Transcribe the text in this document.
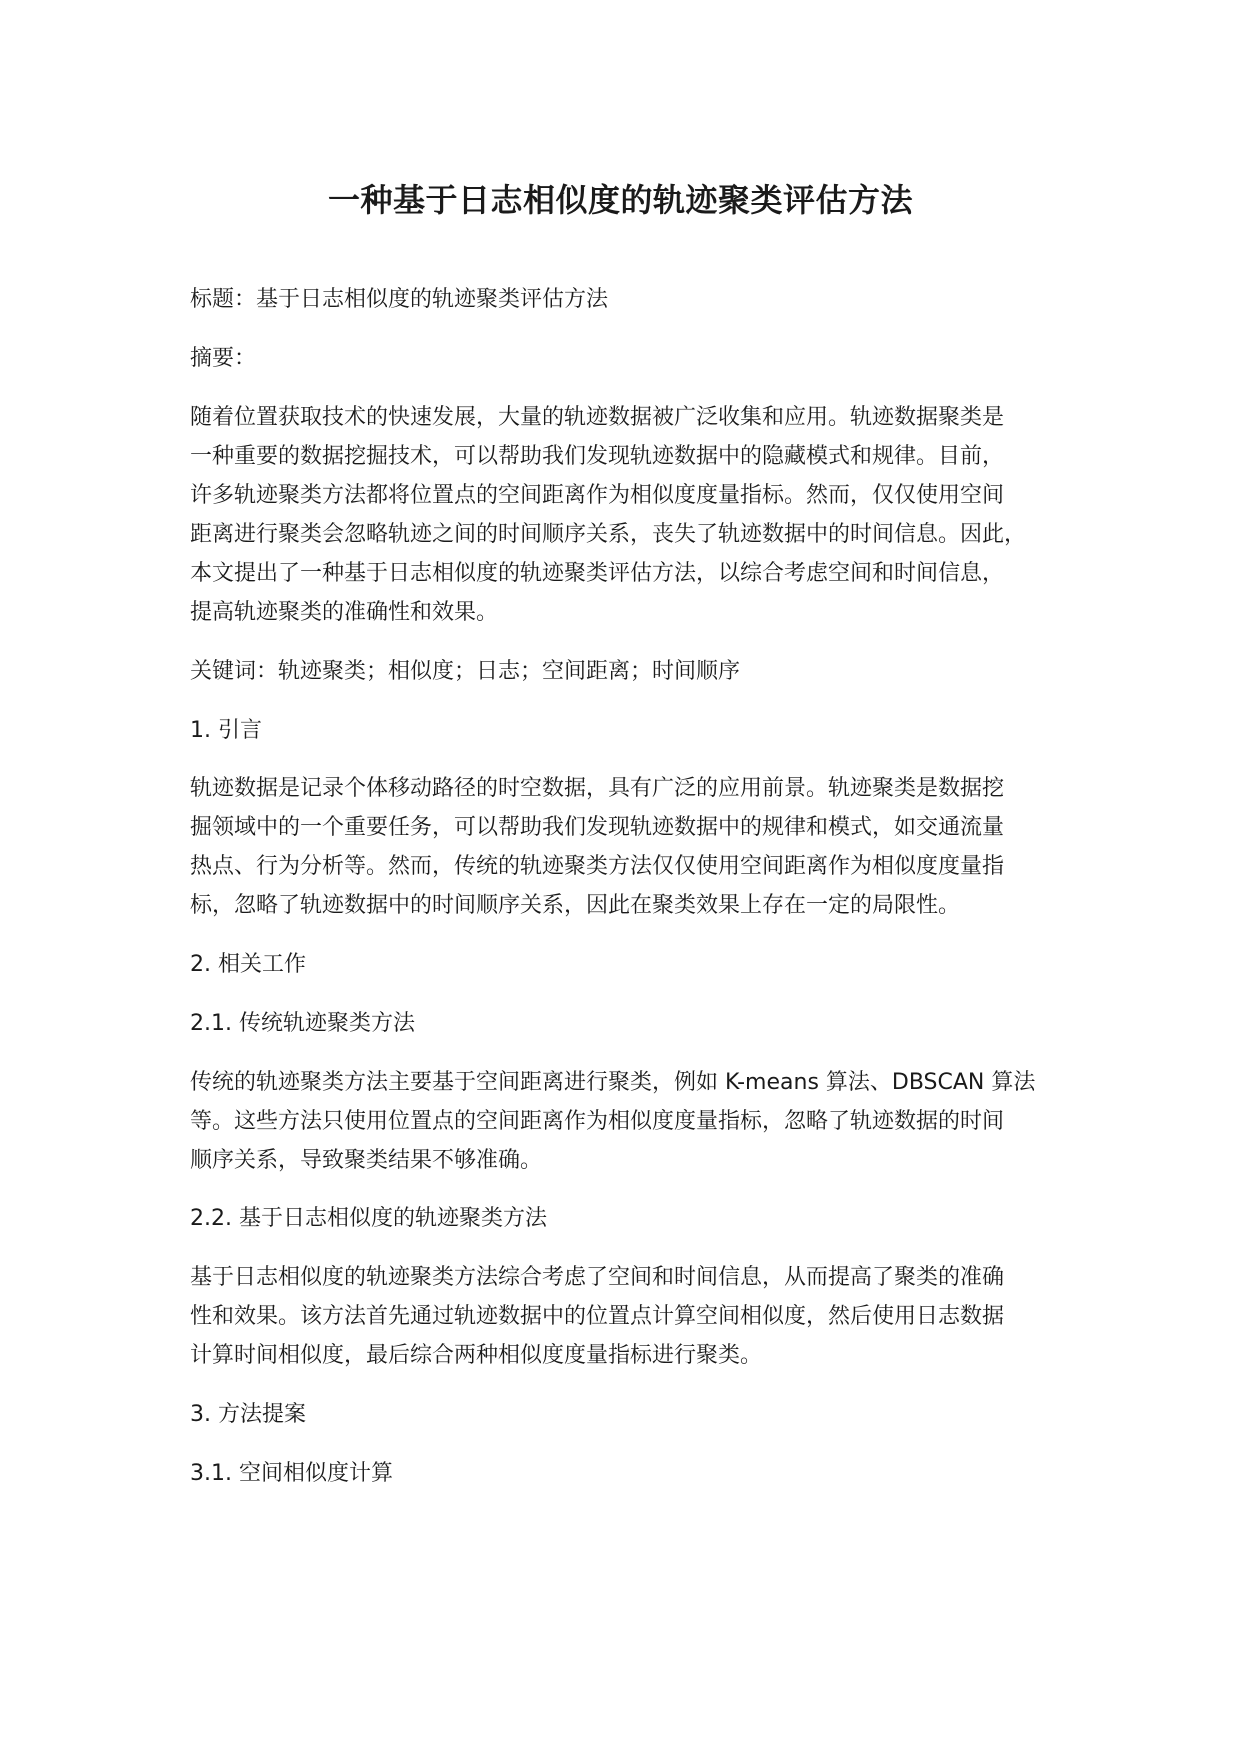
一种基于日志相似度的轨迹聚类评估方法

标题：基于日志相似度的轨迹聚类评估方法

摘要：

随着位置获取技术的快速发展，大量的轨迹数据被广泛收集和应用。轨迹数据聚类是
一种重要的数据挖掘技术，可以帮助我们发现轨迹数据中的隐藏模式和规律。目前，
许多轨迹聚类方法都将位置点的空间距离作为相似度度量指标。然而，仅仅使用空间
距离进行聚类会忽略轨迹之间的时间顺序关系，丧失了轨迹数据中的时间信息。因此，
本文提出了一种基于日志相似度的轨迹聚类评估方法，以综合考虑空间和时间信息，
提高轨迹聚类的准确性和效果。

关键词：轨迹聚类；相似度；日志；空间距离；时间顺序

1. 引言

轨迹数据是记录个体移动路径的时空数据，具有广泛的应用前景。轨迹聚类是数据挖
掘领域中的一个重要任务，可以帮助我们发现轨迹数据中的规律和模式，如交通流量
热点、行为分析等。然而，传统的轨迹聚类方法仅仅使用空间距离作为相似度度量指
标，忽略了轨迹数据中的时间顺序关系，因此在聚类效果上存在一定的局限性。

2. 相关工作

2.1. 传统轨迹聚类方法

传统的轨迹聚类方法主要基于空间距离进行聚类，例如 K-means 算法、DBSCAN 算法
等。这些方法只使用位置点的空间距离作为相似度度量指标，忽略了轨迹数据的时间
顺序关系，导致聚类结果不够准确。

2.2. 基于日志相似度的轨迹聚类方法

基于日志相似度的轨迹聚类方法综合考虑了空间和时间信息，从而提高了聚类的准确
性和效果。该方法首先通过轨迹数据中的位置点计算空间相似度，然后使用日志数据
计算时间相似度，最后综合两种相似度度量指标进行聚类。

3. 方法提案

3.1. 空间相似度计算
